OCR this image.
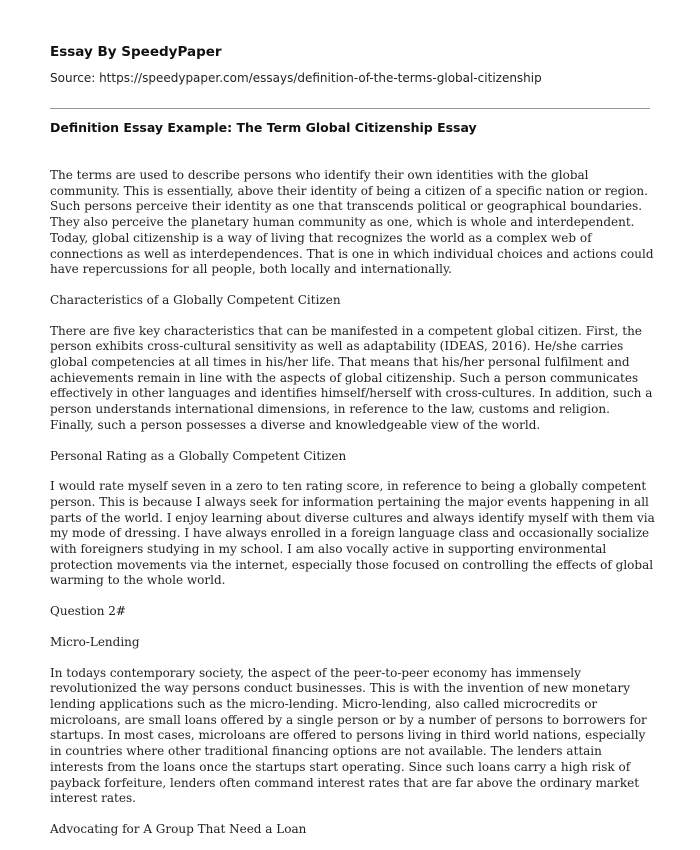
Essay By SpeedyPaper
Source: https://speedypaper.com/essays/definition-of-the-terms-global-citizenship
Definition Essay Example: The Term Global Citizenship Essay

The terms are used to describe persons who identify their own identities with the global community. This is essentially, above their identity of being a citizen of a specific nation or region. Such persons perceive their identity as one that transcends political or geographical boundaries. They also perceive the planetary human community as one, which is whole and interdependent. Today, global citizenship is a way of living that recognizes the world as a complex web of connections as well as interdependences. That is one in which individual choices and actions could have repercussions for all people, both locally and internationally.

Characteristics of a Globally Competent Citizen

There are five key characteristics that can be manifested in a competent global citizen. First, the person exhibits cross-cultural sensitivity as well as adaptability (IDEAS, 2016). He/she carries global competencies at all times in his/her life. That means that his/her personal fulfilment and achievements remain in line with the aspects of global citizenship. Such a person communicates effectively in other languages and identifies himself/herself with cross-cultures. In addition, such a person understands international dimensions, in reference to the law, customs and religion. Finally, such a person possesses a diverse and knowledgeable view of the world.

Personal Rating as a Globally Competent Citizen

I would rate myself seven in a zero to ten rating score, in reference to being a globally competent person. This is because I always seek for information pertaining the major events happening in all parts of the world. I enjoy learning about diverse cultures and always identify myself with them via my mode of dressing. I have always enrolled in a foreign language class and occasionally socialize with foreigners studying in my school. I am also vocally active in supporting environmental protection movements via the internet, especially those focused on controlling the effects of global warming to the whole world.

Question 2#

Micro-Lending

In todays contemporary society, the aspect of the peer-to-peer economy has immensely revolutionized the way persons conduct businesses. This is with the invention of new monetary lending applications such as the micro-lending. Micro-lending, also called microcredits or microloans, are small loans offered by a single person or by a number of persons to borrowers for startups. In most cases, microloans are offered to persons living in third world nations, especially in countries where other traditional financing options are not available. The lenders attain interests from the loans once the startups start operating. Since such loans carry a high risk of payback forfeiture, lenders often command interest rates that are far above the ordinary market interest rates.

Advocating for A Group That Need a Loan
